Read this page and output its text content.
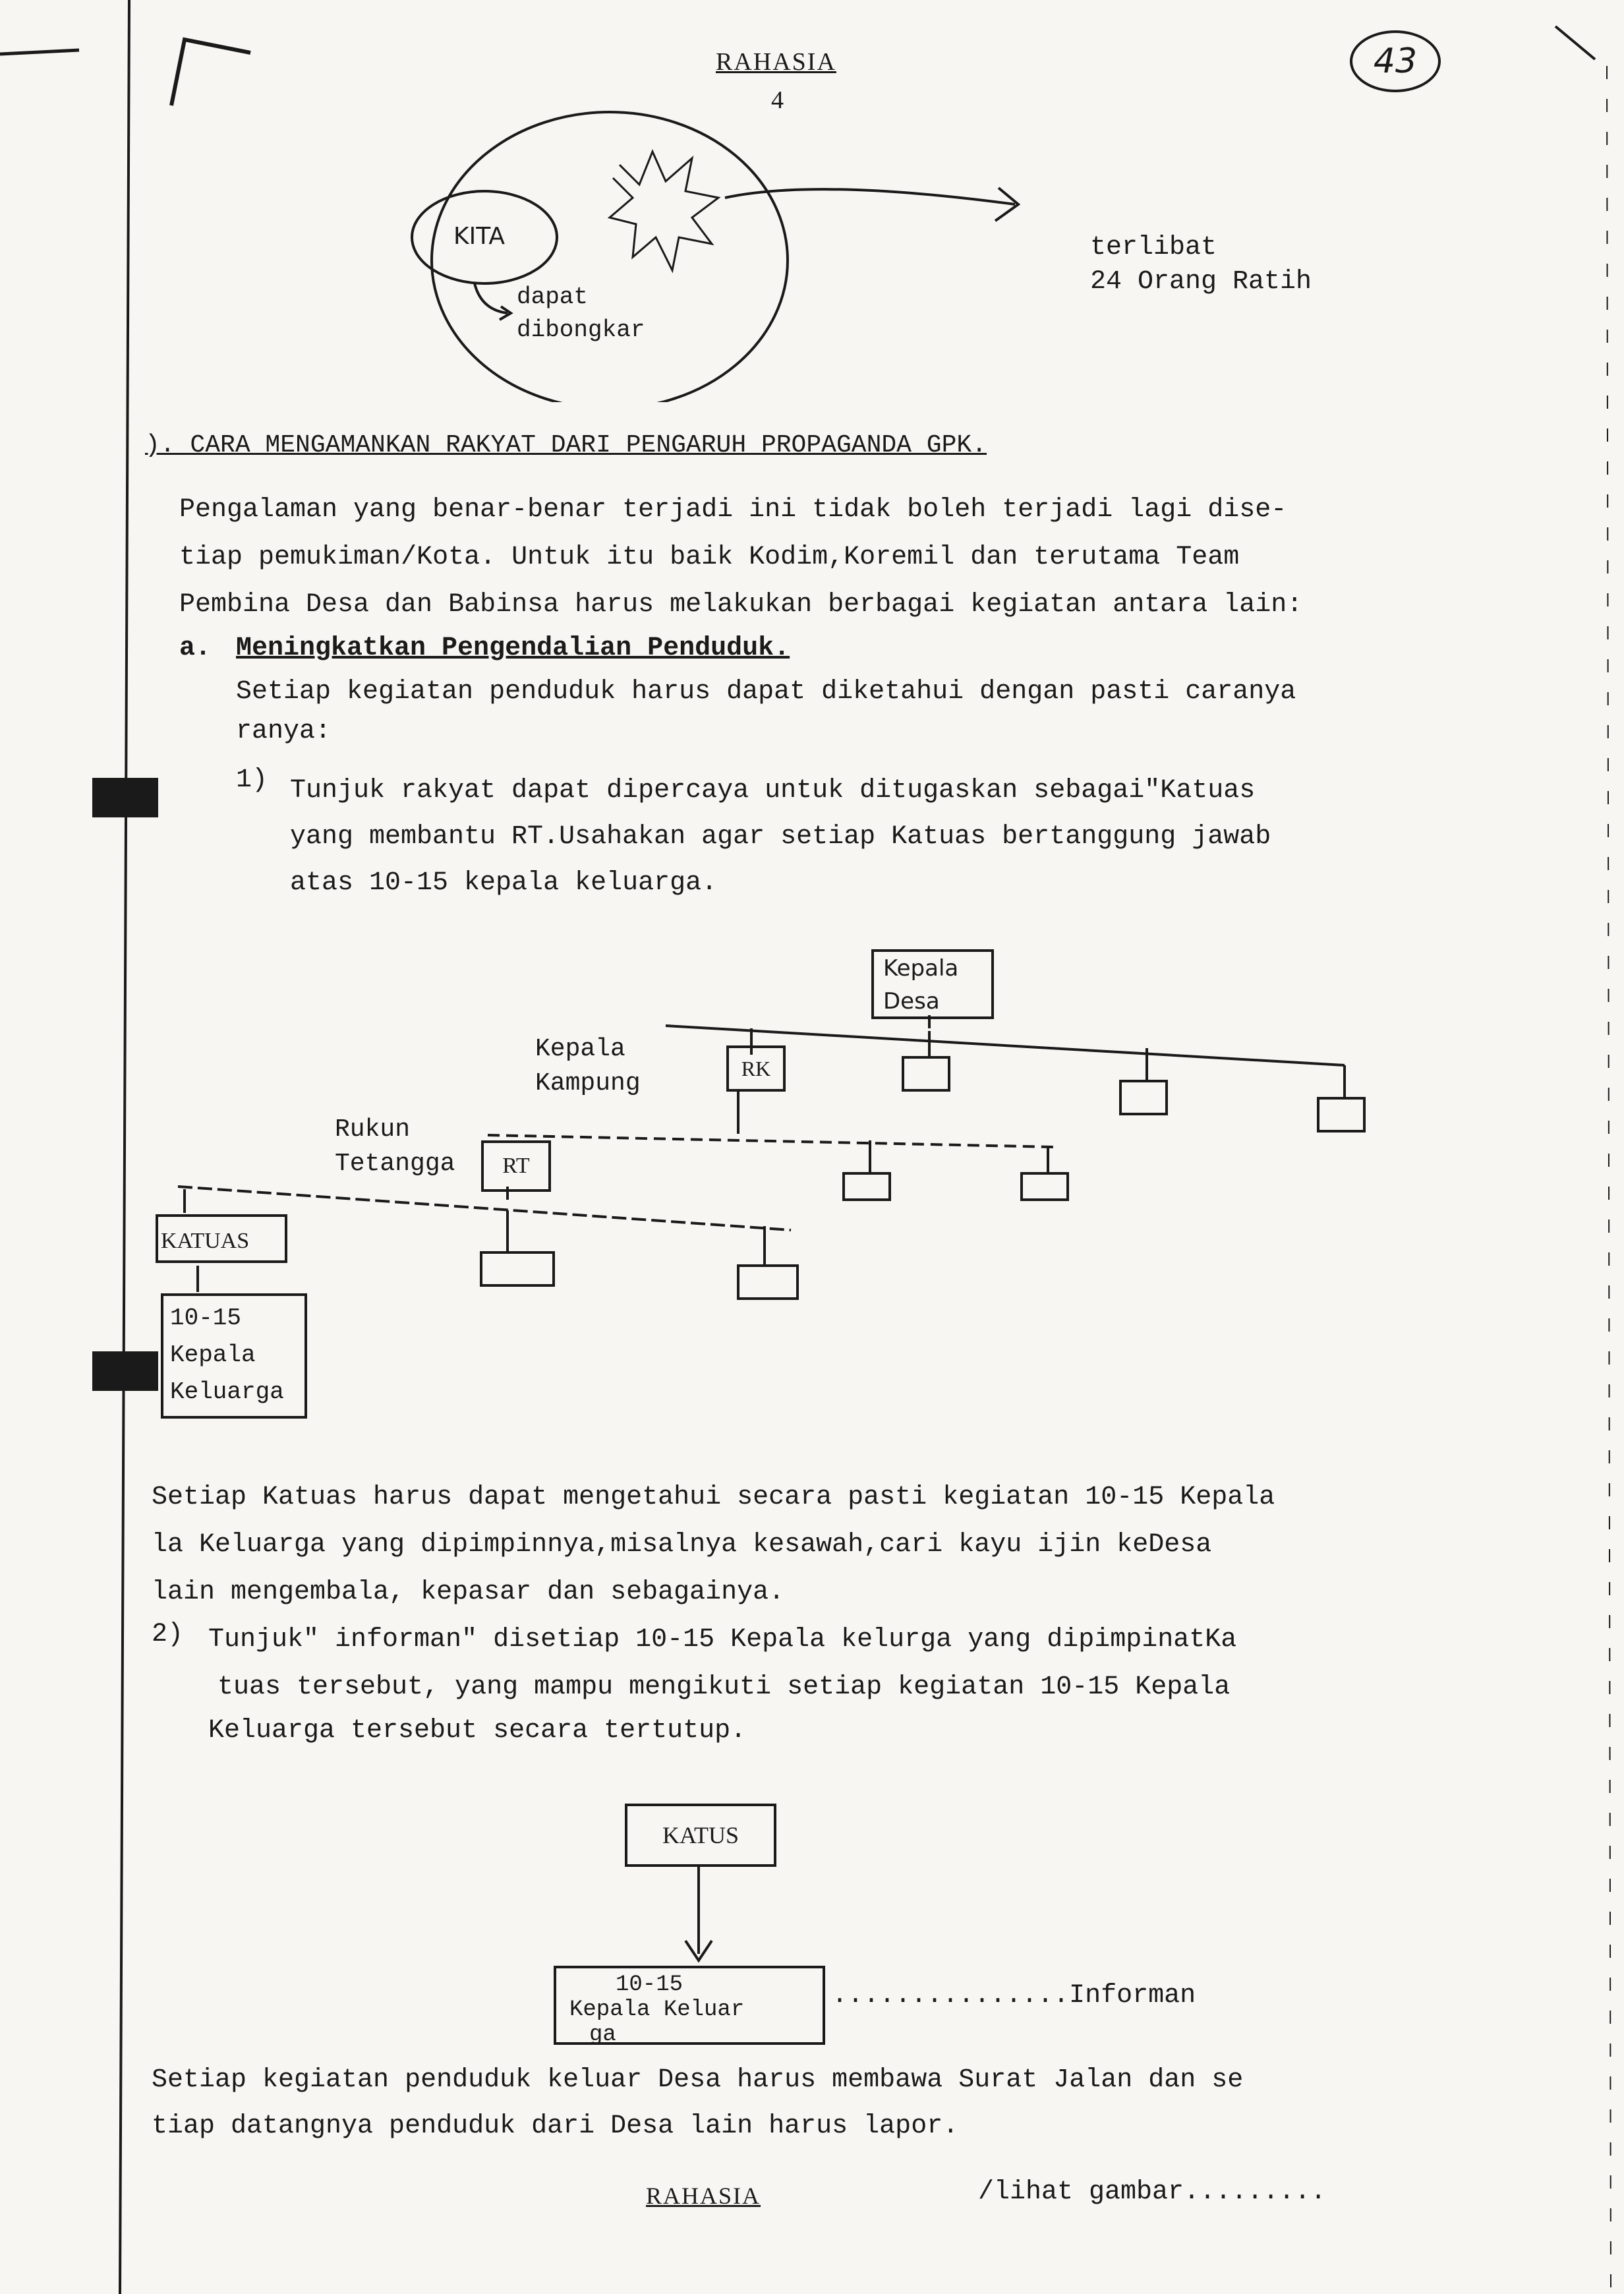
RAHASIA
4
43
KITA
dapat
dibongkar
terlibat
24 Orang Ratih
). CARA MENGAMANKAN RAKYAT DARI PENGARUH PROPAGANDA GPK.
Pengalaman yang benar-benar terjadi ini tidak boleh terjadi lagi dise-
tiap pemukiman/Kota. Untuk itu baik Kodim,Koremil dan terutama Team
Pembina Desa dan Babinsa harus melakukan berbagai kegiatan antara lain:
a. Meningkatkan Pengendalian Penduduk.
Setiap kegiatan penduduk harus dapat diketahui dengan pasti caranya
ranya:
1) Tunjuk rakyat dapat dipercaya untuk ditugaskan sebagai"Katuas
yang membantu RT.Usahakan agar setiap Katuas bertanggung jawab
atas 10-15 kepala keluarga.
Kepala
Desa
Kepala
Kampung
RK
Rukun
Tetangga	RT
KATUAS
10-15
Kepala
Keluarga
Setiap Katuas harus dapat mengetahui secara pasti kegiatan 10-15 Kepala
la Keluarga yang dipimpinnya,misalnya kesawah,cari kayu ijin keDesa
lain mengembala, kepasar dan sebagainya.
2) Tunjuk" informan" disetiap 10-15 Kepala kelurga yang dipimpinatKa
tuas tersebut, yang mampu mengikuti setiap kegiatan 10-15 Kepala
Keluarga tersebut secara tertutup.
KATUS
10-15
Kepala Keluar
ga
...............Informan
Setiap kegiatan penduduk keluar Desa harus membawa Surat Jalan dan se
tiap datangnya penduduk dari Desa lain harus lapor.
/lihat gambar.........
RAHASIA
